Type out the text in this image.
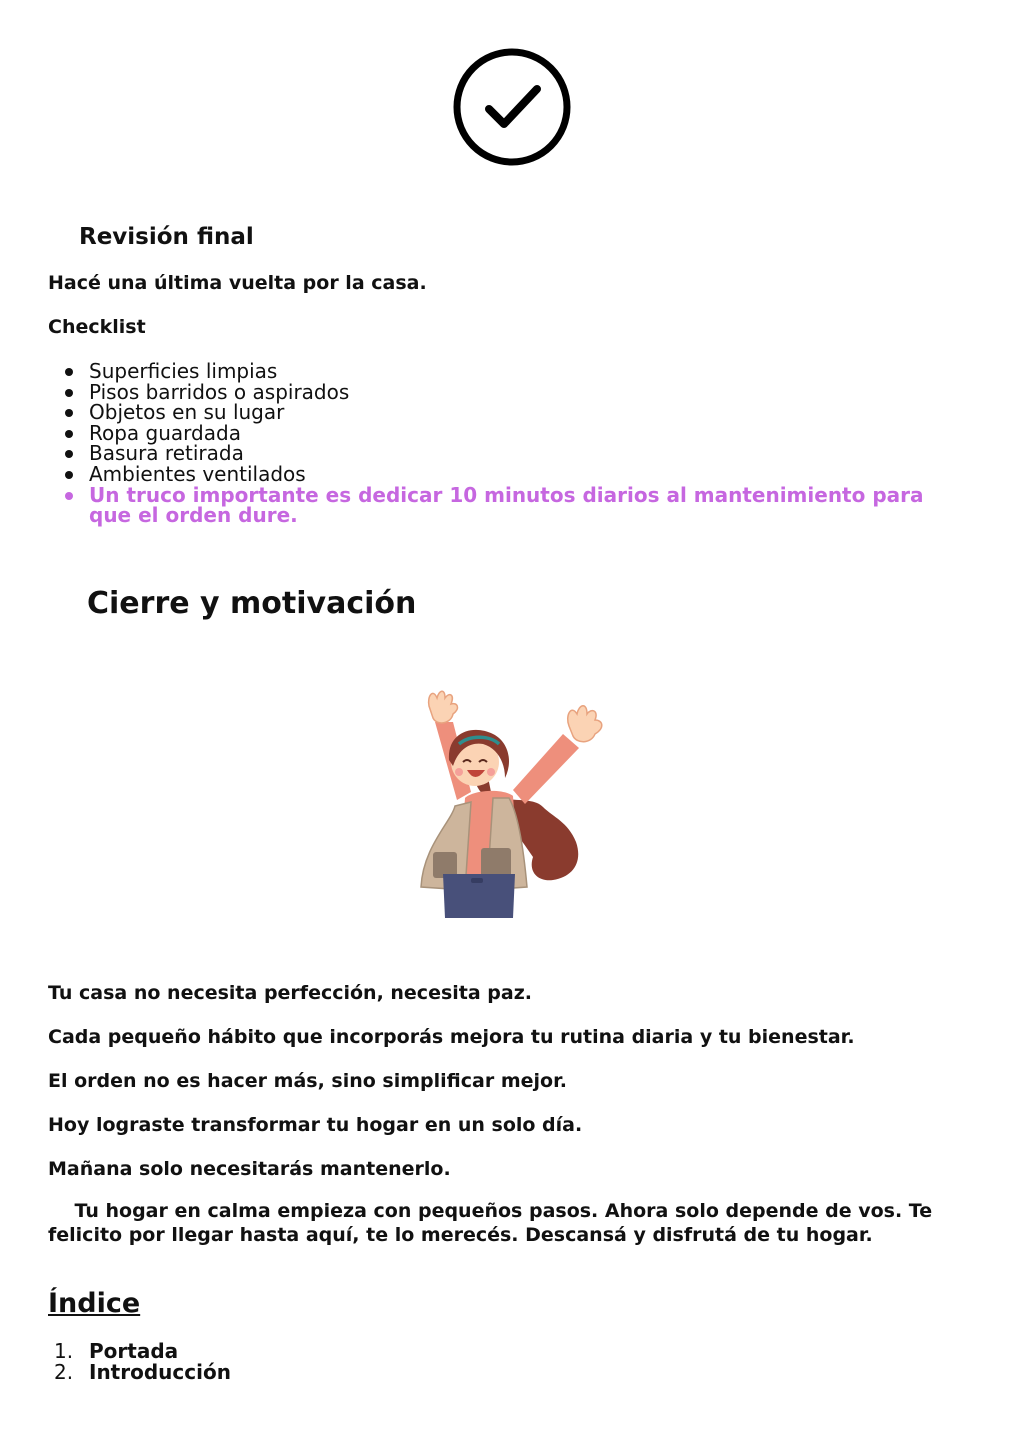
Revisión final

Hacé una última vuelta por la casa.

Checklist

Superficies limpias
Pisos barridos o aspirados
Objetos en su lugar
Ropa guardada
Basura retirada
Ambientes ventilados
Un truco importante es dedicar 10 minutos diarios al mantenimiento para que el orden dure.
Cierre y motivación

Tu casa no necesita perfección, necesita paz.

Cada pequeño hábito que incorporás mejora tu rutina diaria y tu bienestar.

El orden no es hacer más, sino simplificar mejor.

Hoy lograste transformar tu hogar en un solo día.

Mañana solo necesitarás mantenerlo.

Tu hogar en calma empieza con pequeños pasos. Ahora solo depende de vos. Te felicito por llegar hasta aquí, te lo merecés. Descansá y disfrutá de tu hogar.

Índice
1. Portada
2. Introducción
